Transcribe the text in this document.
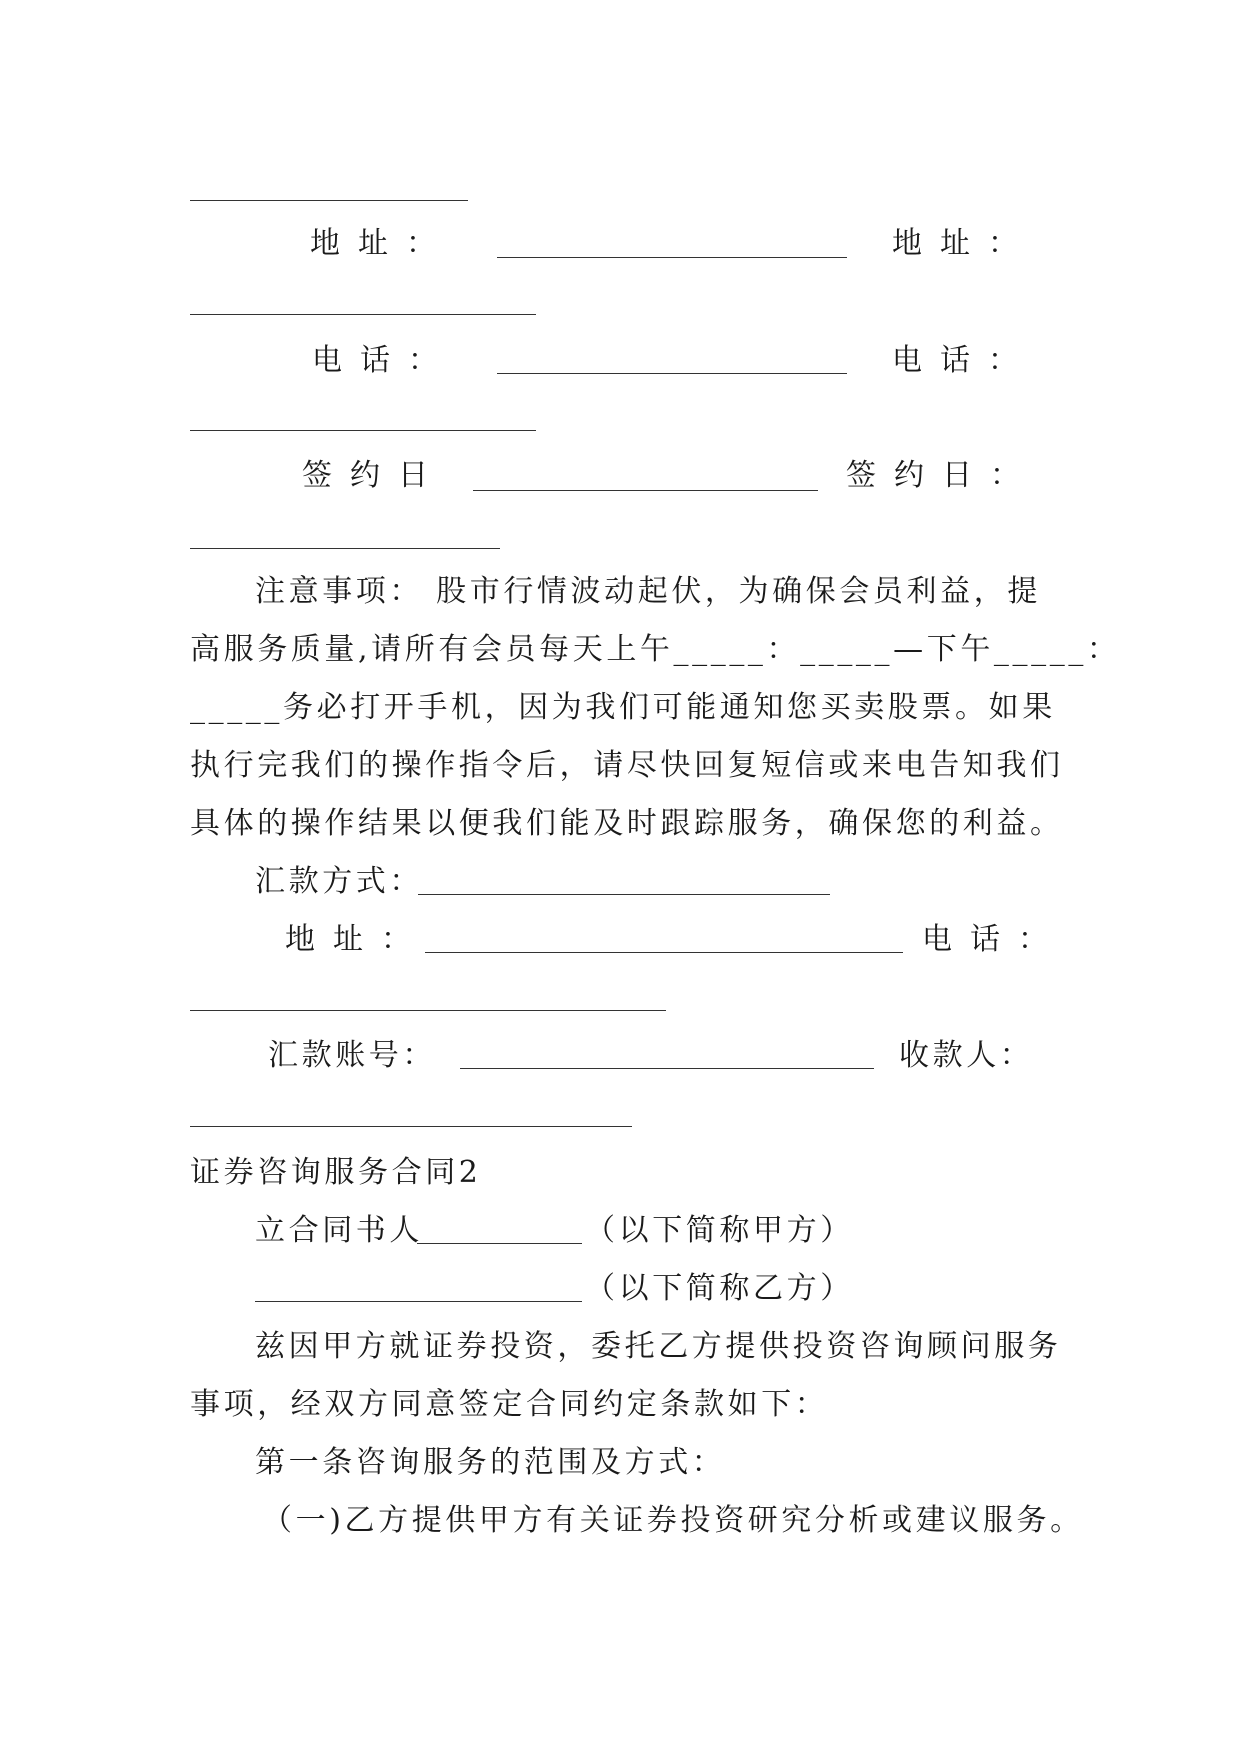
地址：	地址：
电话：	电话：
签约日	签约日：
注意事项： 股市行情波动起伏，为确保会员利益，提
高服务质量,请所有会员每天上午_____：_____—下午_____：
_____务必打开手机，因为我们可能通知您买卖股票。如果
执行完我们的操作指令后，请尽快回复短信或来电告知我们
具体的操作结果以便我们能及时跟踪服务，确保您的利益。
汇款方式：
地址：	电话：
汇款账号：	收款人：
证券咨询服务合同2
立合同书人	（以下简称甲方）
（以下简称乙方）
兹因甲方就证券投资，委托乙方提供投资咨询顾问服务
事项，经双方同意签定合同约定条款如下：
第一条咨询服务的范围及方式：
（一)乙方提供甲方有关证券投资研究分析或建议服务。
